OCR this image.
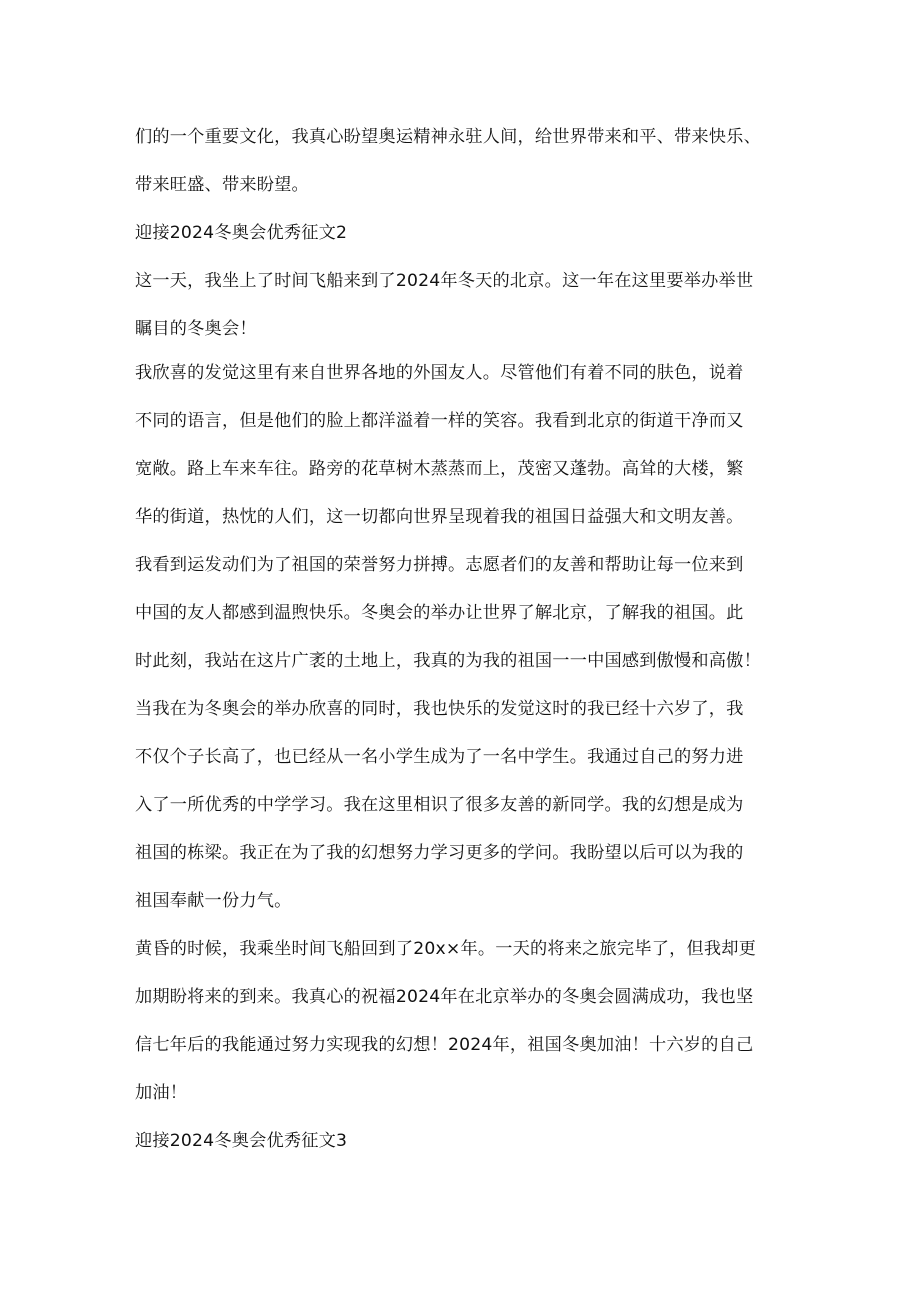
们的一个重要文化，我真心盼望奥运精神永驻人间，给世界带来和平、带来快乐、
带来旺盛、带来盼望。
迎接2024冬奥会优秀征文2
这一天，我坐上了时间飞船来到了2024年冬天的北京。这一年在这里要举办举世
瞩目的冬奥会！
我欣喜的发觉这里有来自世界各地的外国友人。尽管他们有着不同的肤色，说着
不同的语言，但是他们的脸上都洋溢着一样的笑容。我看到北京的街道干净而又
宽敞。路上车来车往。路旁的花草树木蒸蒸而上，茂密又蓬勃。高耸的大楼，繁
华的街道，热忱的人们，这一切都向世界呈现着我的祖国日益强大和文明友善。
我看到运发动们为了祖国的荣誉努力拼搏。志愿者们的友善和帮助让每一位来到
中国的友人都感到温煦快乐。冬奥会的举办让世界了解北京，了解我的祖国。此
时此刻，我站在这片广袤的土地上，我真的为我的祖国一一中国感到傲慢和高傲！
当我在为冬奥会的举办欣喜的同时，我也快乐的发觉这时的我已经十六岁了，我
不仅个子长高了，也已经从一名小学生成为了一名中学生。我通过自己的努力进
入了一所优秀的中学学习。我在这里相识了很多友善的新同学。我的幻想是成为
祖国的栋梁。我正在为了我的幻想努力学习更多的学问。我盼望以后可以为我的
祖国奉献一份力气。
黄昏的时候，我乘坐时间飞船回到了20x×年。一天的将来之旅完毕了，但我却更
加期盼将来的到来。我真心的祝福2024年在北京举办的冬奥会圆满成功，我也坚
信七年后的我能通过努力实现我的幻想！2024年，祖国冬奥加油！十六岁的自己
加油！
迎接2024冬奥会优秀征文3
